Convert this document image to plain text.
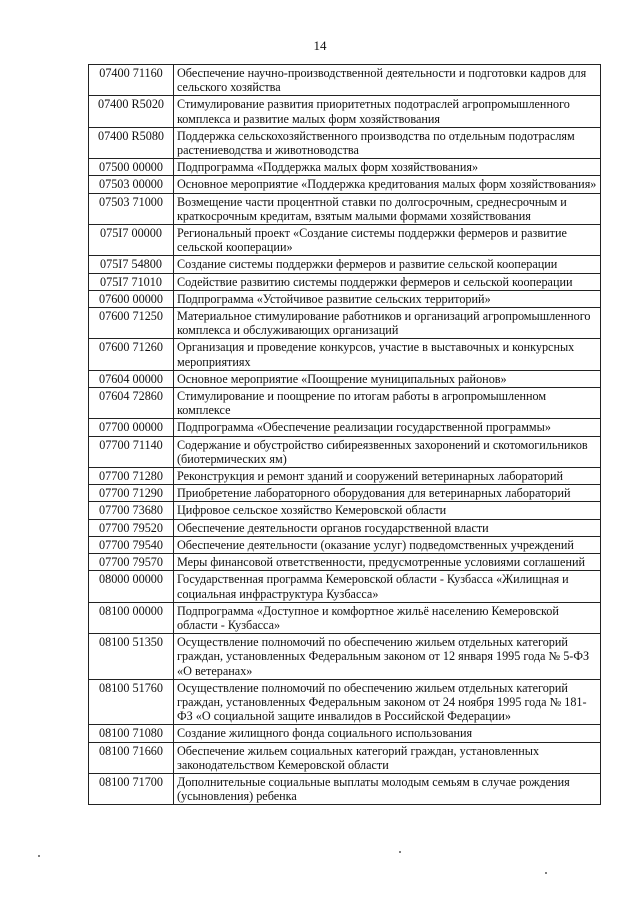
14
07400 71160	Обеспечение научно-производственной деятельности и подготовки кадров для сельского хозяйства
07400 R5020	Стимулирование развития приоритетных подотраслей агропромышленного комплекса и развитие малых форм хозяйствования
07400 R5080	Поддержка сельскохозяйственного производства по отдельным подотраслям растениеводства и животноводства
07500 00000	Подпрограмма «Поддержка малых форм хозяйствования»
07503 00000	Основное мероприятие «Поддержка кредитования малых форм хозяйствования»
07503 71000	Возмещение части процентной ставки по долгосрочным, среднесрочным и краткосрочным кредитам, взятым малыми формами хозяйствования
075I7 00000	Региональный проект «Создание системы поддержки фермеров и развитие сельской кооперации»
075I7 54800	Создание системы поддержки фермеров и развитие сельской кооперации
075I7 71010	Содействие развитию системы поддержки фермеров и сельской кооперации
07600 00000	Подпрограмма «Устойчивое развитие сельских территорий»
07600 71250	Материальное стимулирование работников и организаций агропромышленного комплекса и обслуживающих организаций
07600 71260	Организация и проведение конкурсов, участие в выставочных и конкурсных мероприятиях
07604 00000	Основное мероприятие «Поощрение муниципальных районов»
07604 72860	Стимулирование и поощрение по итогам работы в агропромышленном комплексе
07700 00000	Подпрограмма «Обеспечение реализации государственной программы»
07700 71140	Содержание и обустройство сибиреязвенных захоронений и скотомогильников (биотермических ям)
07700 71280	Реконструкция и ремонт зданий и сооружений ветеринарных лабораторий
07700 71290	Приобретение лабораторного оборудования для ветеринарных лабораторий
07700 73680	Цифровое сельское хозяйство Кемеровской области
07700 79520	Обеспечение деятельности органов государственной власти
07700 79540	Обеспечение деятельности (оказание услуг) подведомственных учреждений
07700 79570	Меры финансовой ответственности, предусмотренные условиями соглашений
08000 00000	Государственная программа Кемеровской области - Кузбасса «Жилищная и социальная инфраструктура Кузбасса»
08100 00000	Подпрограмма «Доступное и комфортное жильё населению Кемеровской области - Кузбасса»
08100 51350	Осуществление полномочий по обеспечению жильем отдельных категорий граждан, установленных Федеральным законом от 12 января 1995 года № 5-ФЗ «О ветеранах»
08100 51760	Осуществление полномочий по обеспечению жильем отдельных категорий граждан, установленных Федеральным законом от 24 ноября 1995 года № 181-ФЗ «О социальной защите инвалидов в Российской Федерации»
08100 71080	Создание жилищного фонда социального использования
08100 71660	Обеспечение жильем социальных категорий граждан, установленных законодательством Кемеровской области
08100 71700	Дополнительные социальные выплаты молодым семьям в случае рождения (усыновления) ребенка
